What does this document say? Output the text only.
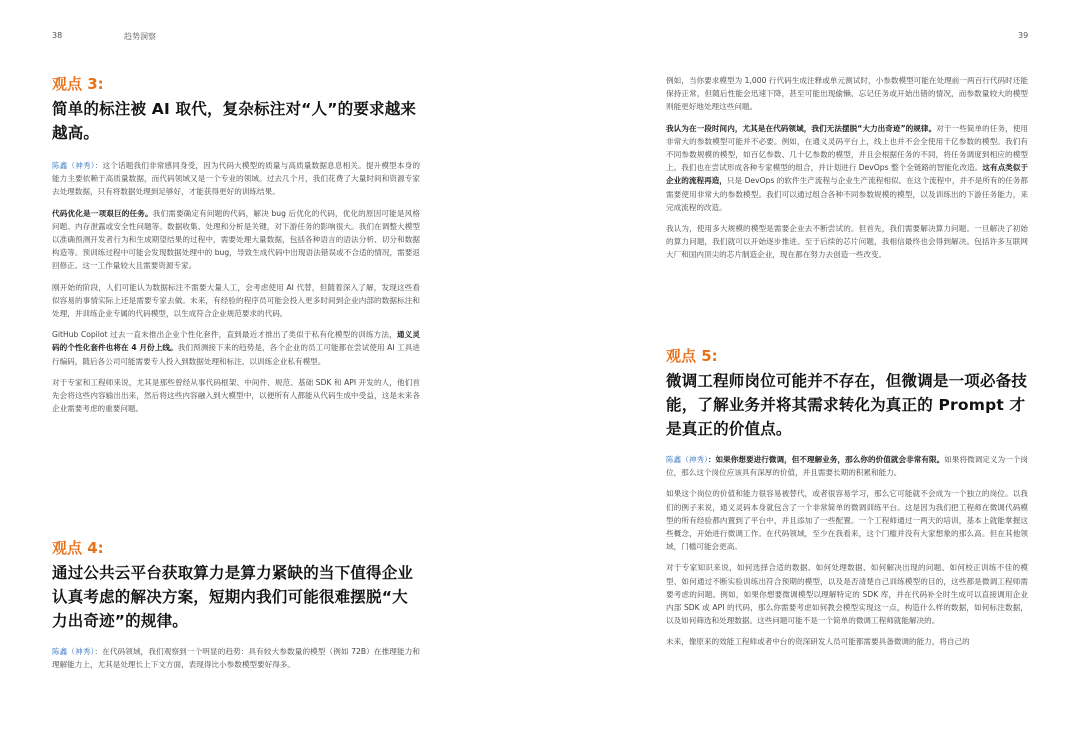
38	趋势洞察	39

观点 3:

简单的标注被 AI 取代，复杂标注对“人”的要求越来越高。

陈鑫（神秀）：这个话题我们非常感同身受，因为代码大模型的质量与高质量数据息息相关。提升模型本身的能力主要依赖于高质量数据，而代码领域又是一个专业的领域。过去几个月，我们花费了大量时间和资源专家去处理数据，只有将数据处理到足够好，才能获得更好的训练结果。

代码优化是一项艰巨的任务。我们需要确定有问题的代码，解决 bug 后优化的代码，优化的原因可能是风格问题、内存泄露或安全性问题等。数据收集、处理和分析是关键，对下游任务的影响很大。我们在调整大模型以准确预测开发者行为和生成期望结果的过程中，需要处理大量数据，包括各种语言的语法分析、切分和数据构造等。预训练过程中可能会发现数据处理中的 bug，导致生成代码中出现语法错误或不合适的情况，需要返回修正。这一工作量较大且需要资源专家。

刚开始的阶段，人们可能认为数据标注不需要大量人工，会考虑使用 AI 代替，但随着深入了解，发现这些看似容易的事情实际上还是需要专家去做。未来，有经验的程序员可能会投入更多时间到企业内部的数据标注和处理，并训练企业专属的代码模型，以生成符合企业规范要求的代码。

GitHub Copilot 过去一直未推出企业个性化套件，直到最近才推出了类似于私有化模型的训练方法，通义灵码的个性化套件也将在 4 月份上线。我们预测接下来的趋势是，各个企业的员工可能都在尝试使用 AI 工具进行编码，随后各公司可能需要专人投入到数据处理和标注，以训练企业私有模型。

对于专家和工程师来说，尤其是那些曾经从事代码框架、中间件、规范、基础 SDK 和 API 开发的人，他们首先会将这些内容输出出来，然后将这些内容融入到大模型中，以便所有人都能从代码生成中受益，这是未来各企业需要考虑的重要问题。

观点 4:

通过公共云平台获取算力是算力紧缺的当下值得企业认真考虑的解决方案，短期内我们可能很难摆脱“大力出奇迹”的规律。

陈鑫（神秀）：在代码领域，我们观察到一个明显的趋势：具有较大参数量的模型（例如 72B）在推理能力和理解能力上，尤其是处理长上下文方面，表现得比小参数模型要好得多。

例如，当你要求模型为 1,000 行代码生成注释或单元测试时，小参数模型可能在处理前一两百行代码时还能保持正常，但随后性能会迅速下降，甚至可能出现偷懒、忘记任务或开始出错的情况，而参数量较大的模型则能更好地处理这些问题。

我认为在一段时间内，尤其是在代码领域，我们无法摆脱“大力出奇迹”的规律。对于一些简单的任务，使用非常大的参数模型可能并不必要。例如，在通义灵码平台上，线上也并不会全使用千亿参数的模型。我们有不同参数规模的模型，如百亿参数、几十亿参数的模型，并且会根据任务的不同，将任务调度到相应的模型上。我们也在尝试形成各种专家模型的组合，并计划进行 DevOps 整个全链路的智能化改造。这有点类似于企业的流程再造，只是 DevOps 的软件生产流程与企业生产流程相似。在这个流程中，并不是所有的任务都需要使用非常大的参数模型。我们可以通过组合各种不同参数规模的模型，以及训练出的下游任务能力，来完成流程的改造。

我认为，使用多大规模的模型是需要企业去不断尝试的。但首先，我们需要解决算力问题。一旦解决了初始的算力问题，我们就可以开始逐步推进。至于后续的芯片问题，我相信最终也会得到解决。包括许多互联网大厂和国内顶尖的芯片制造企业，现在都在努力去创造一些改变。

观点 5:

微调工程师岗位可能并不存在，但微调是一项必备技能，了解业务并将其需求转化为真正的 Prompt 才是真正的价值点。

陈鑫（神秀）：如果你想要进行微调，但不理解业务，那么你的价值就会非常有限。如果将微调定义为一个岗位，那么这个岗位应该具有深厚的价值，并且需要长期的积累和能力。

如果这个岗位的价值和能力很容易被替代，或者很容易学习，那么它可能就不会成为一个独立的岗位。以我们的例子来说，通义灵码本身就包含了一个非常简单的微调训练平台。这是因为我们把工程师在微调代码模型的所有经验都内置到了平台中，并且添加了一些配置。一个工程师通过一两天的培训，基本上就能掌握这些概念，开始进行微调工作。在代码领域，至少在我看来，这个门槛并没有大家想象的那么高。但在其他领域，门槛可能会更高。

对于专家知识来说，如何选择合适的数据、如何处理数据、如何解决出现的问题、如何校正训练不佳的模型、如何通过不断实验训练出符合预期的模型，以及是否清楚自己训练模型的目的，这些都是微调工程师需要考虑的问题。例如，如果你想要微调模型以理解特定的 SDK 库，并在代码补全时生成可以直接调用企业内部 SDK 或 API 的代码，那么你需要考虑如何教会模型实现这一点，构造什么样的数据，如何标注数据，以及如何筛选和处理数据。这些问题可能不是一个简单的微调工程师就能解决的。

未来，像原来的效能工程师或者中台的资深研发人员可能都需要具备微调的能力，将自己的
